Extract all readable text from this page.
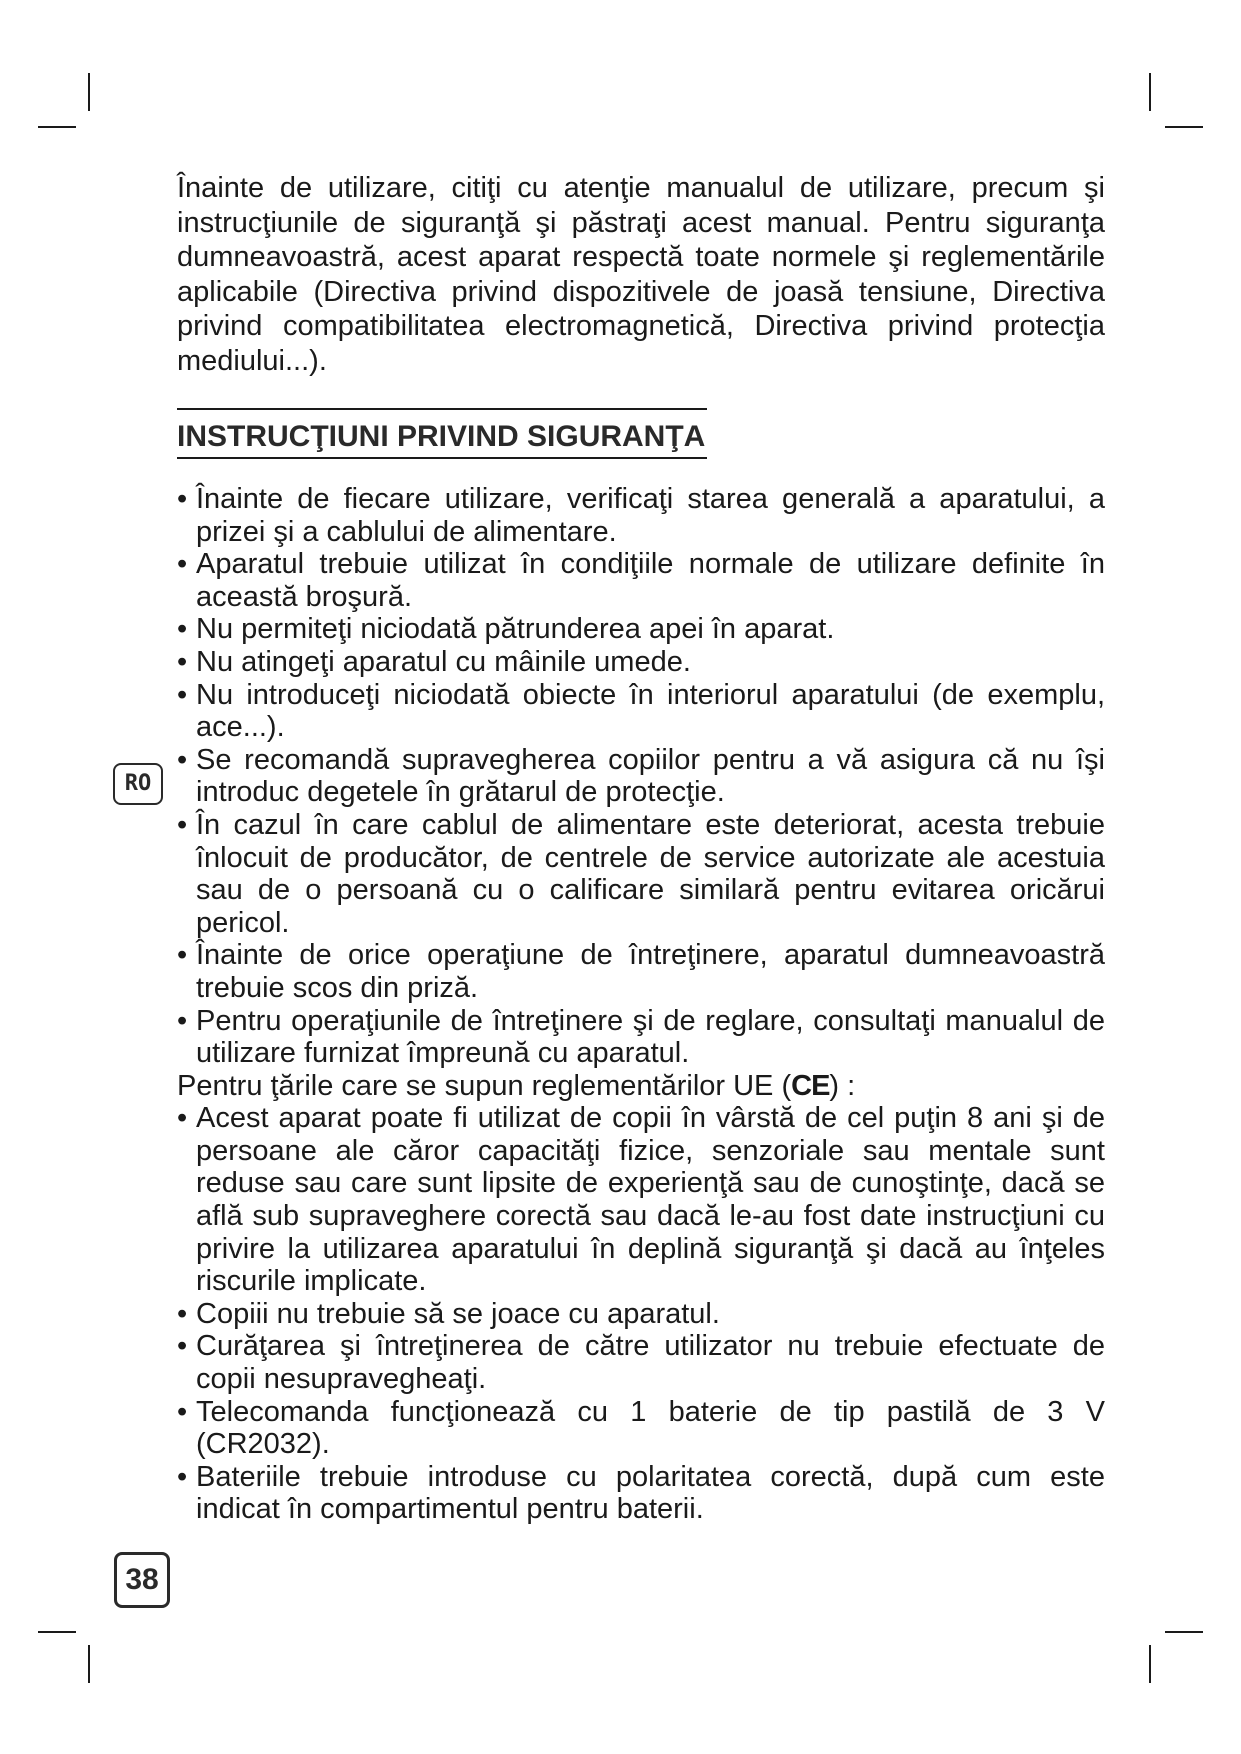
RO
38

Înainte de utilizare, citiţi cu atenţie manualul de utilizare, precum şi instrucţiunile de siguranţă şi păstraţi acest manual. Pentru siguranţa dumneavoastră, acest aparat respectă toate normele şi reglementările aplicabile (Directiva privind dispozitivele de joasă tensiune, Directiva privind compatibilitatea electromagnetică, Directiva privind protecţia mediului...).

INSTRUCŢIUNI PRIVIND SIGURANŢA
• Înainte de fiecare utilizare, verificaţi starea generală a aparatului, a prizei şi a cablului de alimentare.
• Aparatul trebuie utilizat în condiţiile normale de utilizare definite în această broşură.
• Nu permiteţi niciodată pătrunderea apei în aparat.
• Nu atingeţi aparatul cu mâinile umede.
• Nu introduceţi niciodată obiecte în interiorul aparatului (de exemplu, ace...).
• Se recomandă supravegherea copiilor pentru a vă asigura că nu îşi introduc degetele în grătarul de protecţie.
• În cazul în care cablul de alimentare este deteriorat, acesta trebuie înlocuit de producător, de centrele de service autorizate ale acestuia sau de o persoană cu o calificare similară pentru evitarea oricărui pericol.
• Înainte de orice operaţiune de întreţinere, aparatul dumneavoastră trebuie scos din priză.
• Pentru operaţiunile de întreţinere şi de reglare, consultaţi manualul de utilizare furnizat împreună cu aparatul.

Pentru ţările care se supun reglementărilor UE (CE) :

• Acest aparat poate fi utilizat de copii în vârstă de cel puţin 8 ani şi de persoane ale căror capacităţi fizice, senzoriale sau mentale sunt reduse sau care sunt lipsite de experienţă sau de cunoştinţe, dacă se află sub supraveghere corectă sau dacă le-au fost date instrucţiuni cu privire la utilizarea aparatului în deplină siguranţă şi dacă au înţeles riscurile implicate.
• Copiii nu trebuie să se joace cu aparatul.
• Curăţarea şi întreţinerea de către utilizator nu trebuie efectuate de copii nesupravegheaţi.
• Telecomanda funcţionează cu 1 baterie de tip pastilă de 3 V (CR2032).
• Bateriile trebuie introduse cu polaritatea corectă, după cum este indicat în compartimentul pentru baterii.
